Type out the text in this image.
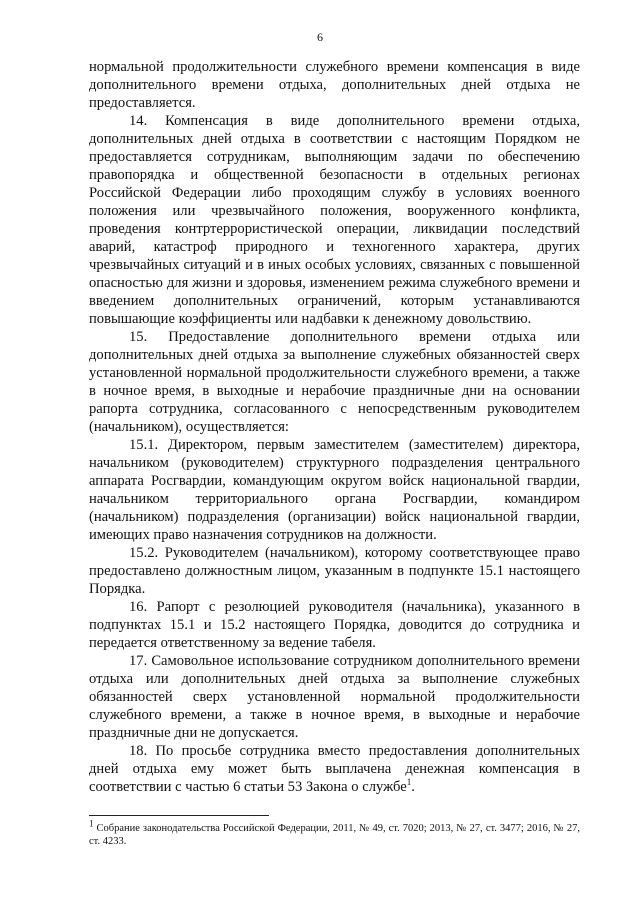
6

нормальной продолжительности служебного времени компенсация в виде дополнительного времени отдыха, дополнительных дней отдыха не предоставляется.

14. Компенсация в виде дополнительного времени отдыха, дополнительных дней отдыха в соответствии с настоящим Порядком не предоставляется сотрудникам, выполняющим задачи по обеспечению правопорядка и общественной безопасности в отдельных регионах Российской Федерации либо проходящим службу в условиях военного положения или чрезвычайного положения, вооруженного конфликта, проведения контртеррористической операции, ликвидации последствий аварий, катастроф природного и техногенного характера, других чрезвычайных ситуаций и в иных особых условиях, связанных с повышенной опасностью для жизни и здоровья, изменением режима служебного времени и введением дополнительных ограничений, которым устанавливаются повышающие коэффициенты или надбавки к денежному довольствию.

15. Предоставление дополнительного времени отдыха или дополнительных дней отдыха за выполнение служебных обязанностей сверх установленной нормальной продолжительности служебного времени, а также в ночное время, в выходные и нерабочие праздничные дни на основании рапорта сотрудника, согласованного с непосредственным руководителем (начальником), осуществляется:

15.1. Директором, первым заместителем (заместителем) директора, начальником (руководителем) структурного подразделения центрального аппарата Росгвардии, командующим округом войск национальной гвардии, начальником территориального органа Росгвардии, командиром (начальником) подразделения (организации) войск национальной гвардии, имеющих право назначения сотрудников на должности.

15.2. Руководителем (начальником), которому соответствующее право предоставлено должностным лицом, указанным в подпункте 15.1 настоящего Порядка.

16. Рапорт с резолюцией руководителя (начальника), указанного в подпунктах 15.1 и 15.2 настоящего Порядка, доводится до сотрудника и передается ответственному за ведение табеля.

17. Самовольное использование сотрудником дополнительного времени отдыха или дополнительных дней отдыха за выполнение служебных обязанностей сверх установленной нормальной продолжительности служебного времени, а также в ночное время, в выходные и нерабочие праздничные дни не допускается.

18. По просьбе сотрудника вместо предоставления дополнительных дней отдыха ему может быть выплачена денежная компенсация в соответствии с частью 6 статьи 53 Закона о службе$^1$.

$^1$ Собрание законодательства Российской Федерации, 2011, № 49, ст. 7020; 2013, № 27, ст. 3477; 2016, № 27, ст. 4233.
